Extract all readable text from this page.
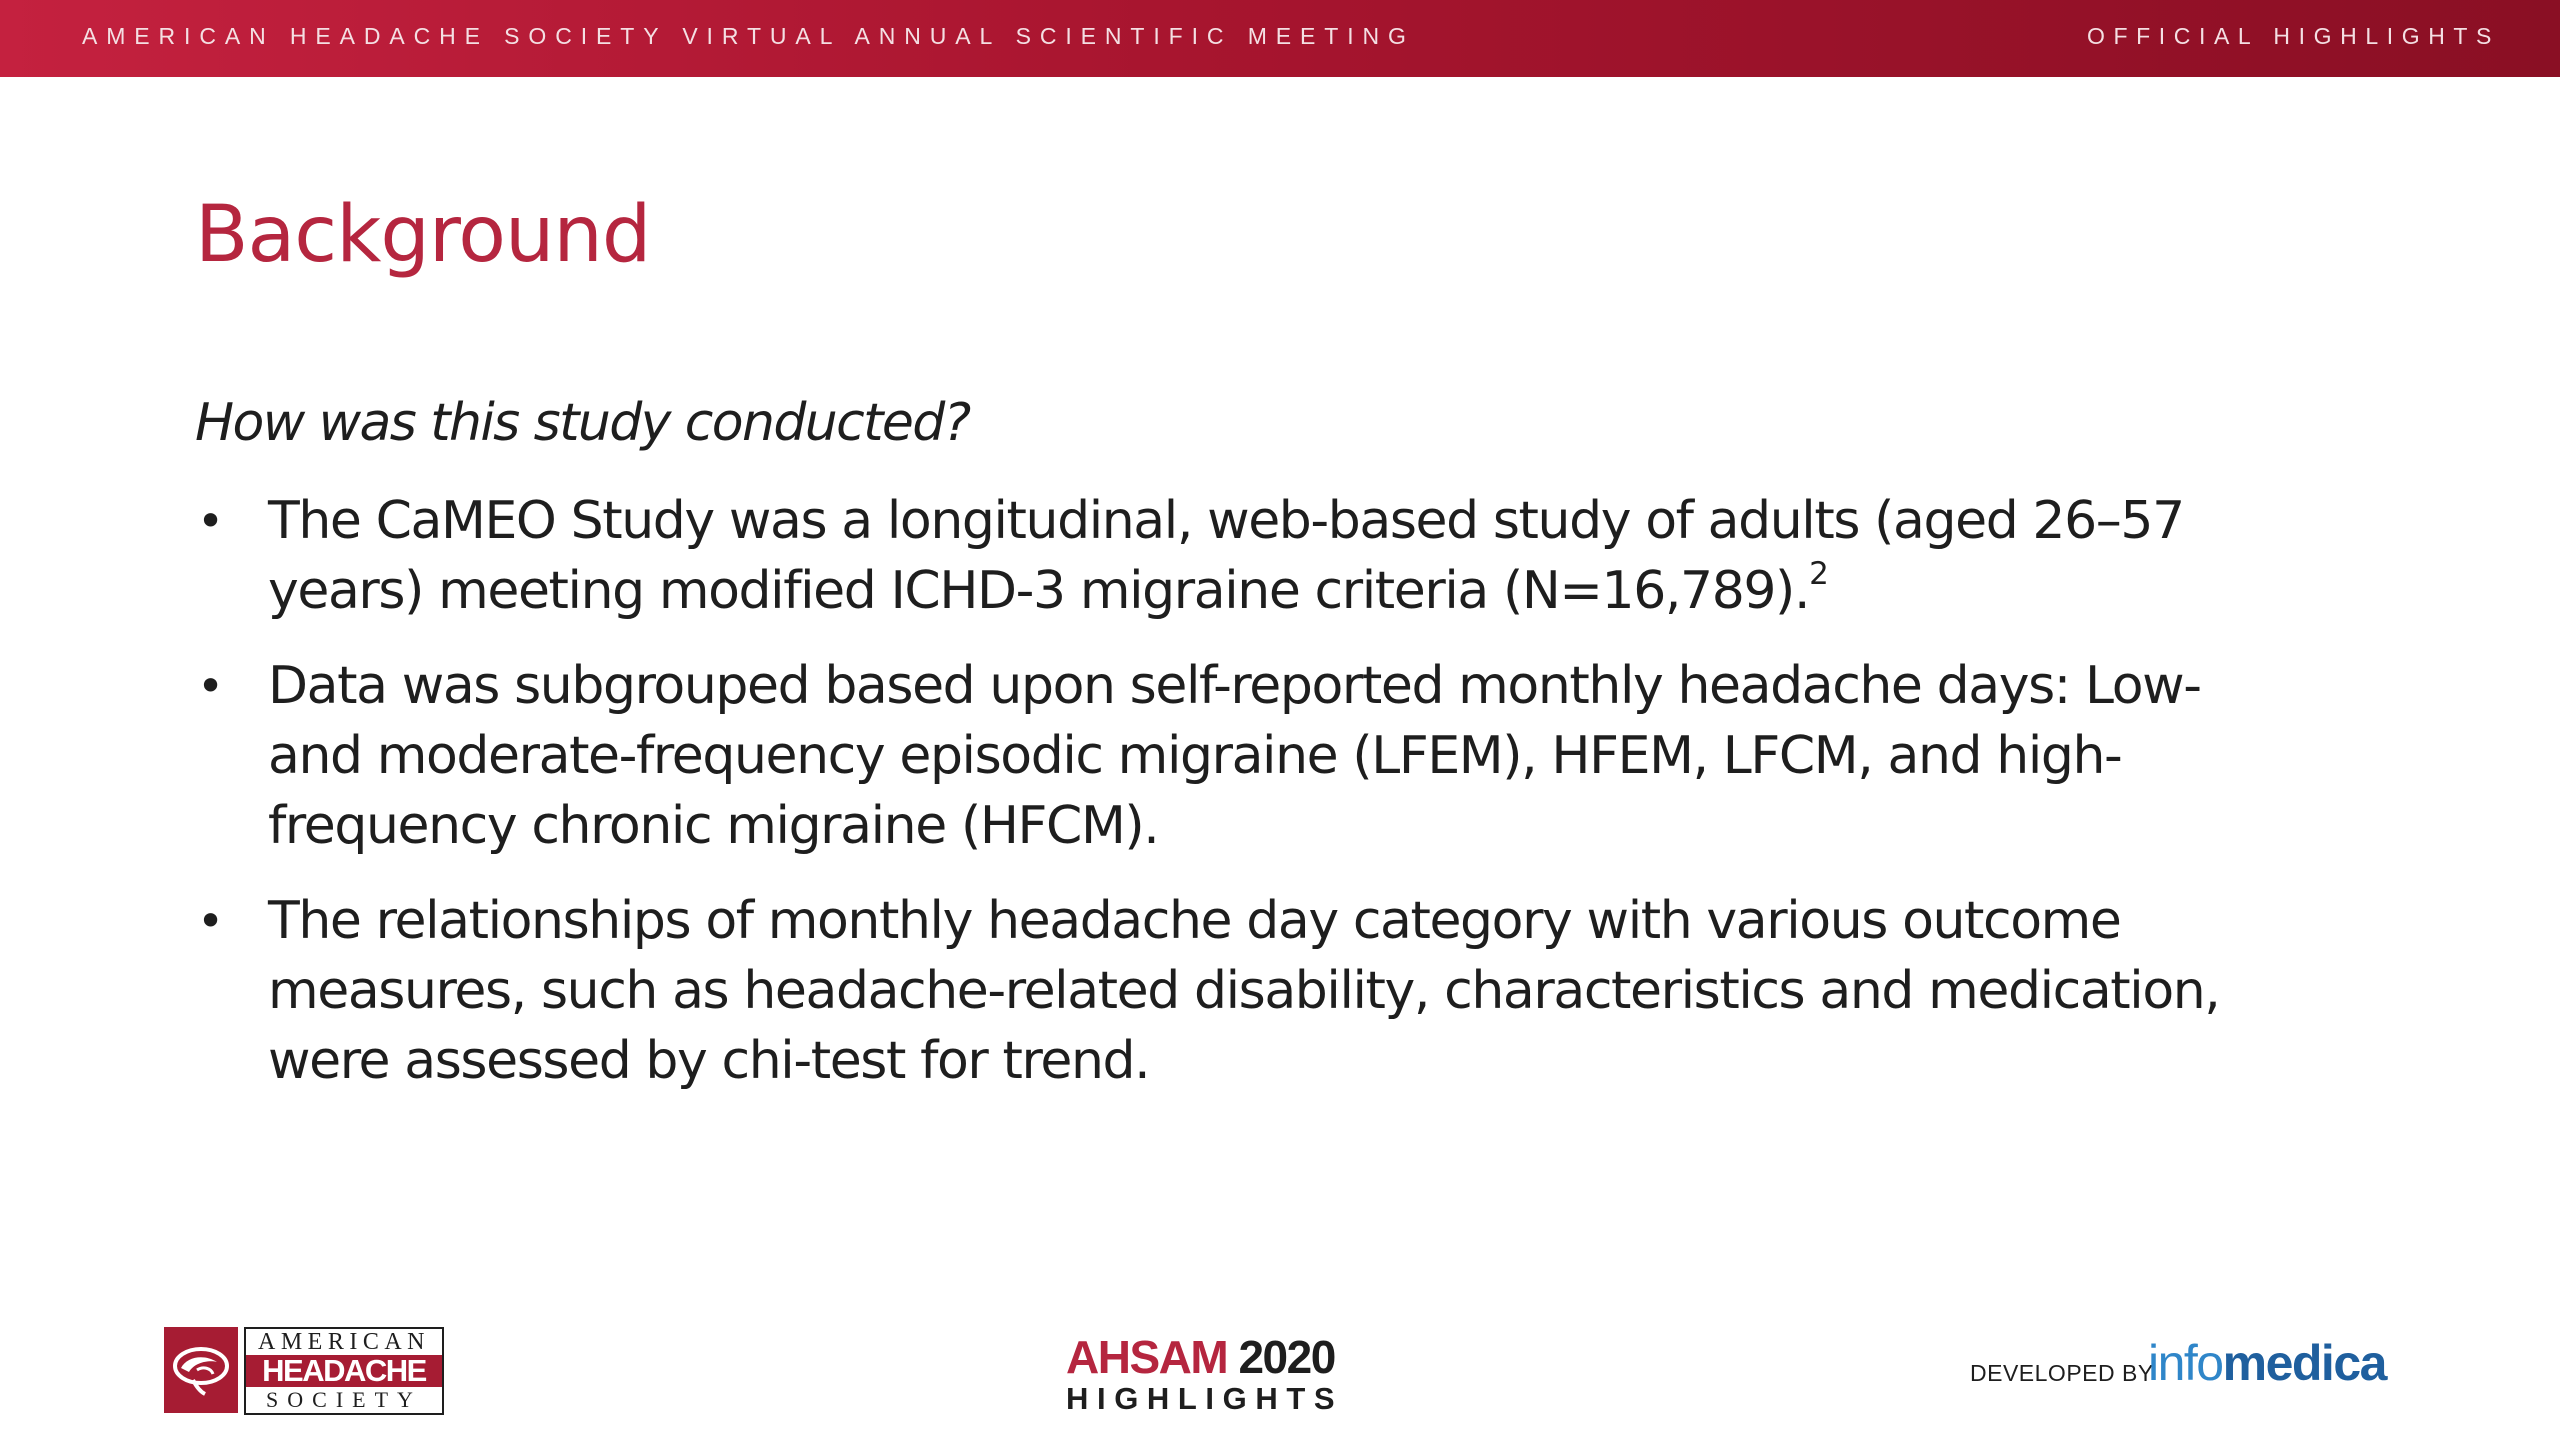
AMERICAN HEADACHE SOCIETY VIRTUAL ANNUAL SCIENTIFIC MEETING	OFFICIAL HIGHLIGHTS
Background
How was this study conducted?
• The CaMEO Study was a longitudinal, web-based study of adults (aged 26–57
years) meeting modified ICHD-3 migraine criteria (N=16,789).$^2$
• Data was subgrouped based upon self-reported monthly headache days: Low-
and moderate-frequency episodic migraine (LFEM), HFEM, LFCM, and high-
frequency chronic migraine (HFCM).
• The relationships of monthly headache day category with various outcome
measures, such as headache-related disability, characteristics and medication,
were assessed by chi-test for trend.
AMERICAN
HEADACHE
SOCIETY
AHSAM 2020
HIGHLIGHTS
DEVELOPED BY
infomedica
